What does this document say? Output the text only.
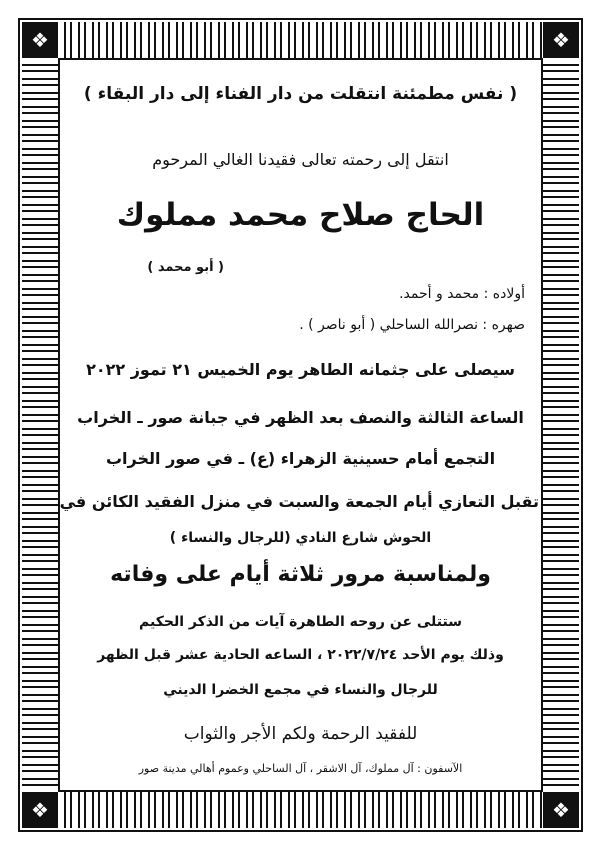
❖	❖
❖	❖
( نفس مطمئنة انتقلت من دار الفناء إلى دار البقاء )
انتقل إلى رحمته تعالى فقيدنا الغالي المرحوم
الحاج صلاح محمد مملوك
( أبو محمد )
أولاده : محمد و أحمد.
صهره : نصرالله الساحلي ( أبو ناصر ) .
سيصلى على جثمانه الطاهر يوم الخميس ٢١ تموز ٢٠٢٢
الساعة الثالثة والنصف بعد الظهر في جبانة صور ـ الخراب
التجمع أمام حسينية الزهراء (ع) ـ في صور الخراب
تقبل التعازي أيام الجمعة والسبت في منزل الفقيد الكائن في
الحوش شارع النادي (للرجال والنساء )
ولمناسبة مرور ثلاثة أيام على وفاته
ستتلى عن روحه الطاهرة آيات من الذكر الحكيم
وذلك يوم الأحد ٢٠٢٢/٧/٢٤ ، الساعه الحادية عشر قبل الظهر
للرجال والنساء في مجمع الخضرا الديني
للفقيد الرحمة ولكم الأجر والثواب
الآسفون : آل مملوك، آل الاشقر ، آل الساحلي وعموم أهالي مدينة صور
